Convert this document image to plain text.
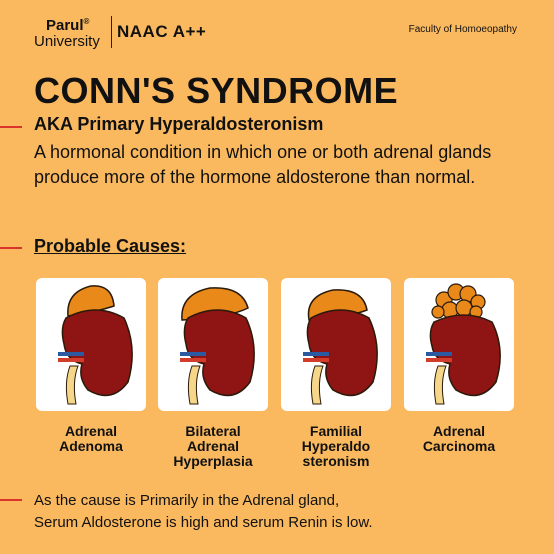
Parul®
University
NAAC A++	Faculty of Homoeopathy
CONN'S SYNDROME
AKA Primary Hyperaldosteronism
A hormonal condition in which one or both adrenal glands produce more of the hormone aldosterone than normal.
Probable Causes:
Adrenal
Adenoma
Bilateral
Adrenal
Hyperplasia
Familial
Hyperaldo
steronism
Adrenal
Carcinoma
As the cause is Primarily in the Adrenal gland,
Serum Aldosterone is high and serum Renin is low.
